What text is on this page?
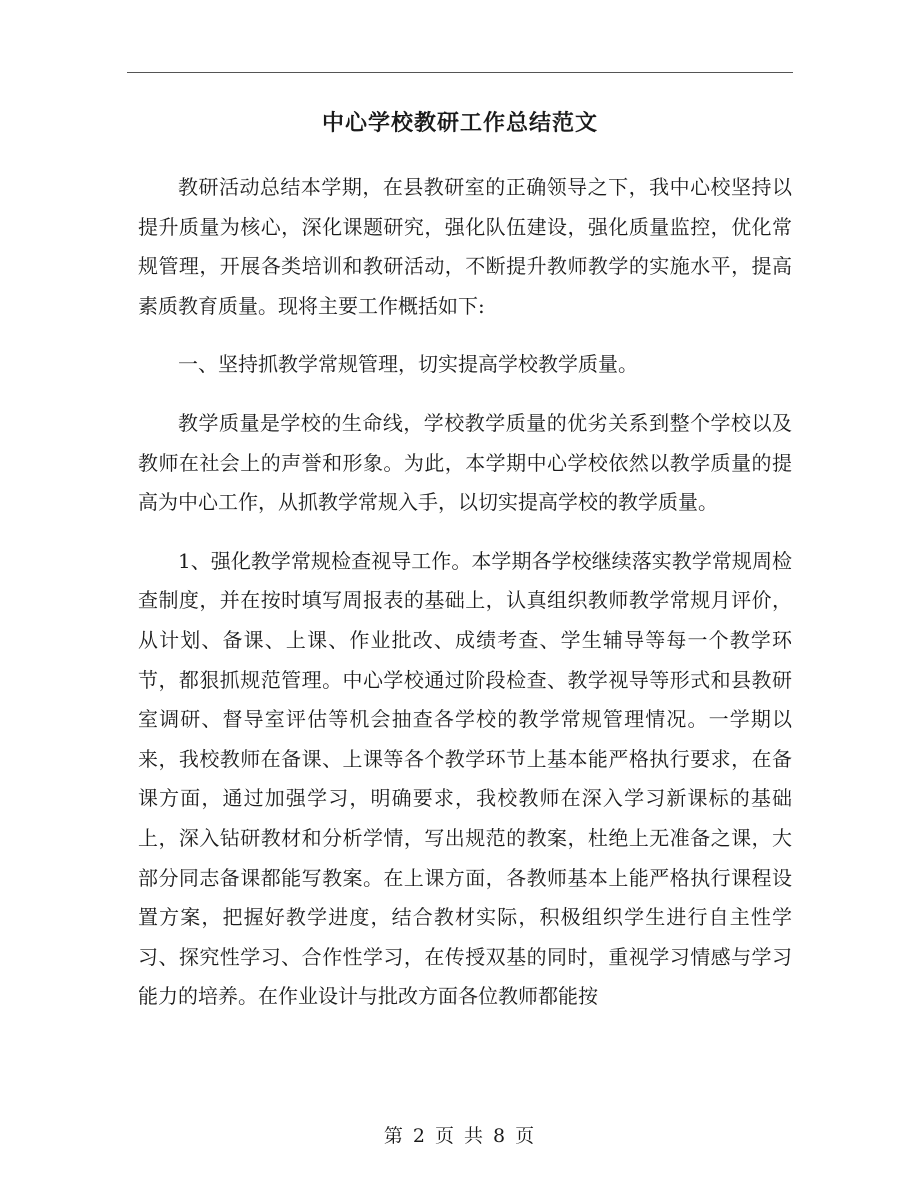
中心学校教研工作总结范文

教研活动总结本学期，在县教研室的正确领导之下，我中心校坚持以提升质量为核心，深化课题研究，强化队伍建设，强化质量监控，优化常规管理，开展各类培训和教研活动，不断提升教师教学的实施水平，提高素质教育质量。现将主要工作概括如下:

一、坚持抓教学常规管理，切实提高学校教学质量。

教学质量是学校的生命线，学校教学质量的优劣关系到整个学校以及教师在社会上的声誉和形象。为此，本学期中心学校依然以教学质量的提高为中心工作，从抓教学常规入手，以切实提高学校的教学质量。

1、强化教学常规检查视导工作。本学期各学校继续落实教学常规周检查制度，并在按时填写周报表的基础上，认真组织教师教学常规月评价，从计划、备课、上课、作业批改、成绩考查、学生辅导等每一个教学环节，都狠抓规范管理。中心学校通过阶段检查、教学视导等形式和县教研室调研、督导室评估等机会抽查各学校的教学常规管理情况。一学期以来，我校教师在备课、上课等各个教学环节上基本能严格执行要求，在备课方面，通过加强学习，明确要求，我校教师在深入学习新课标的基础上，深入钻研教材和分析学情，写出规范的教案，杜绝上无准备之课，大部分同志备课都能写教案。在上课方面，各教师基本上能严格执行课程设置方案，把握好教学进度，结合教材实际，积极组织学生进行自主性学习、探究性学习、合作性学习，在传授双基的同时，重视学习情感与学习能力的培养。在作业设计与批改方面各位教师都能按

第 2 页 共 8 页
